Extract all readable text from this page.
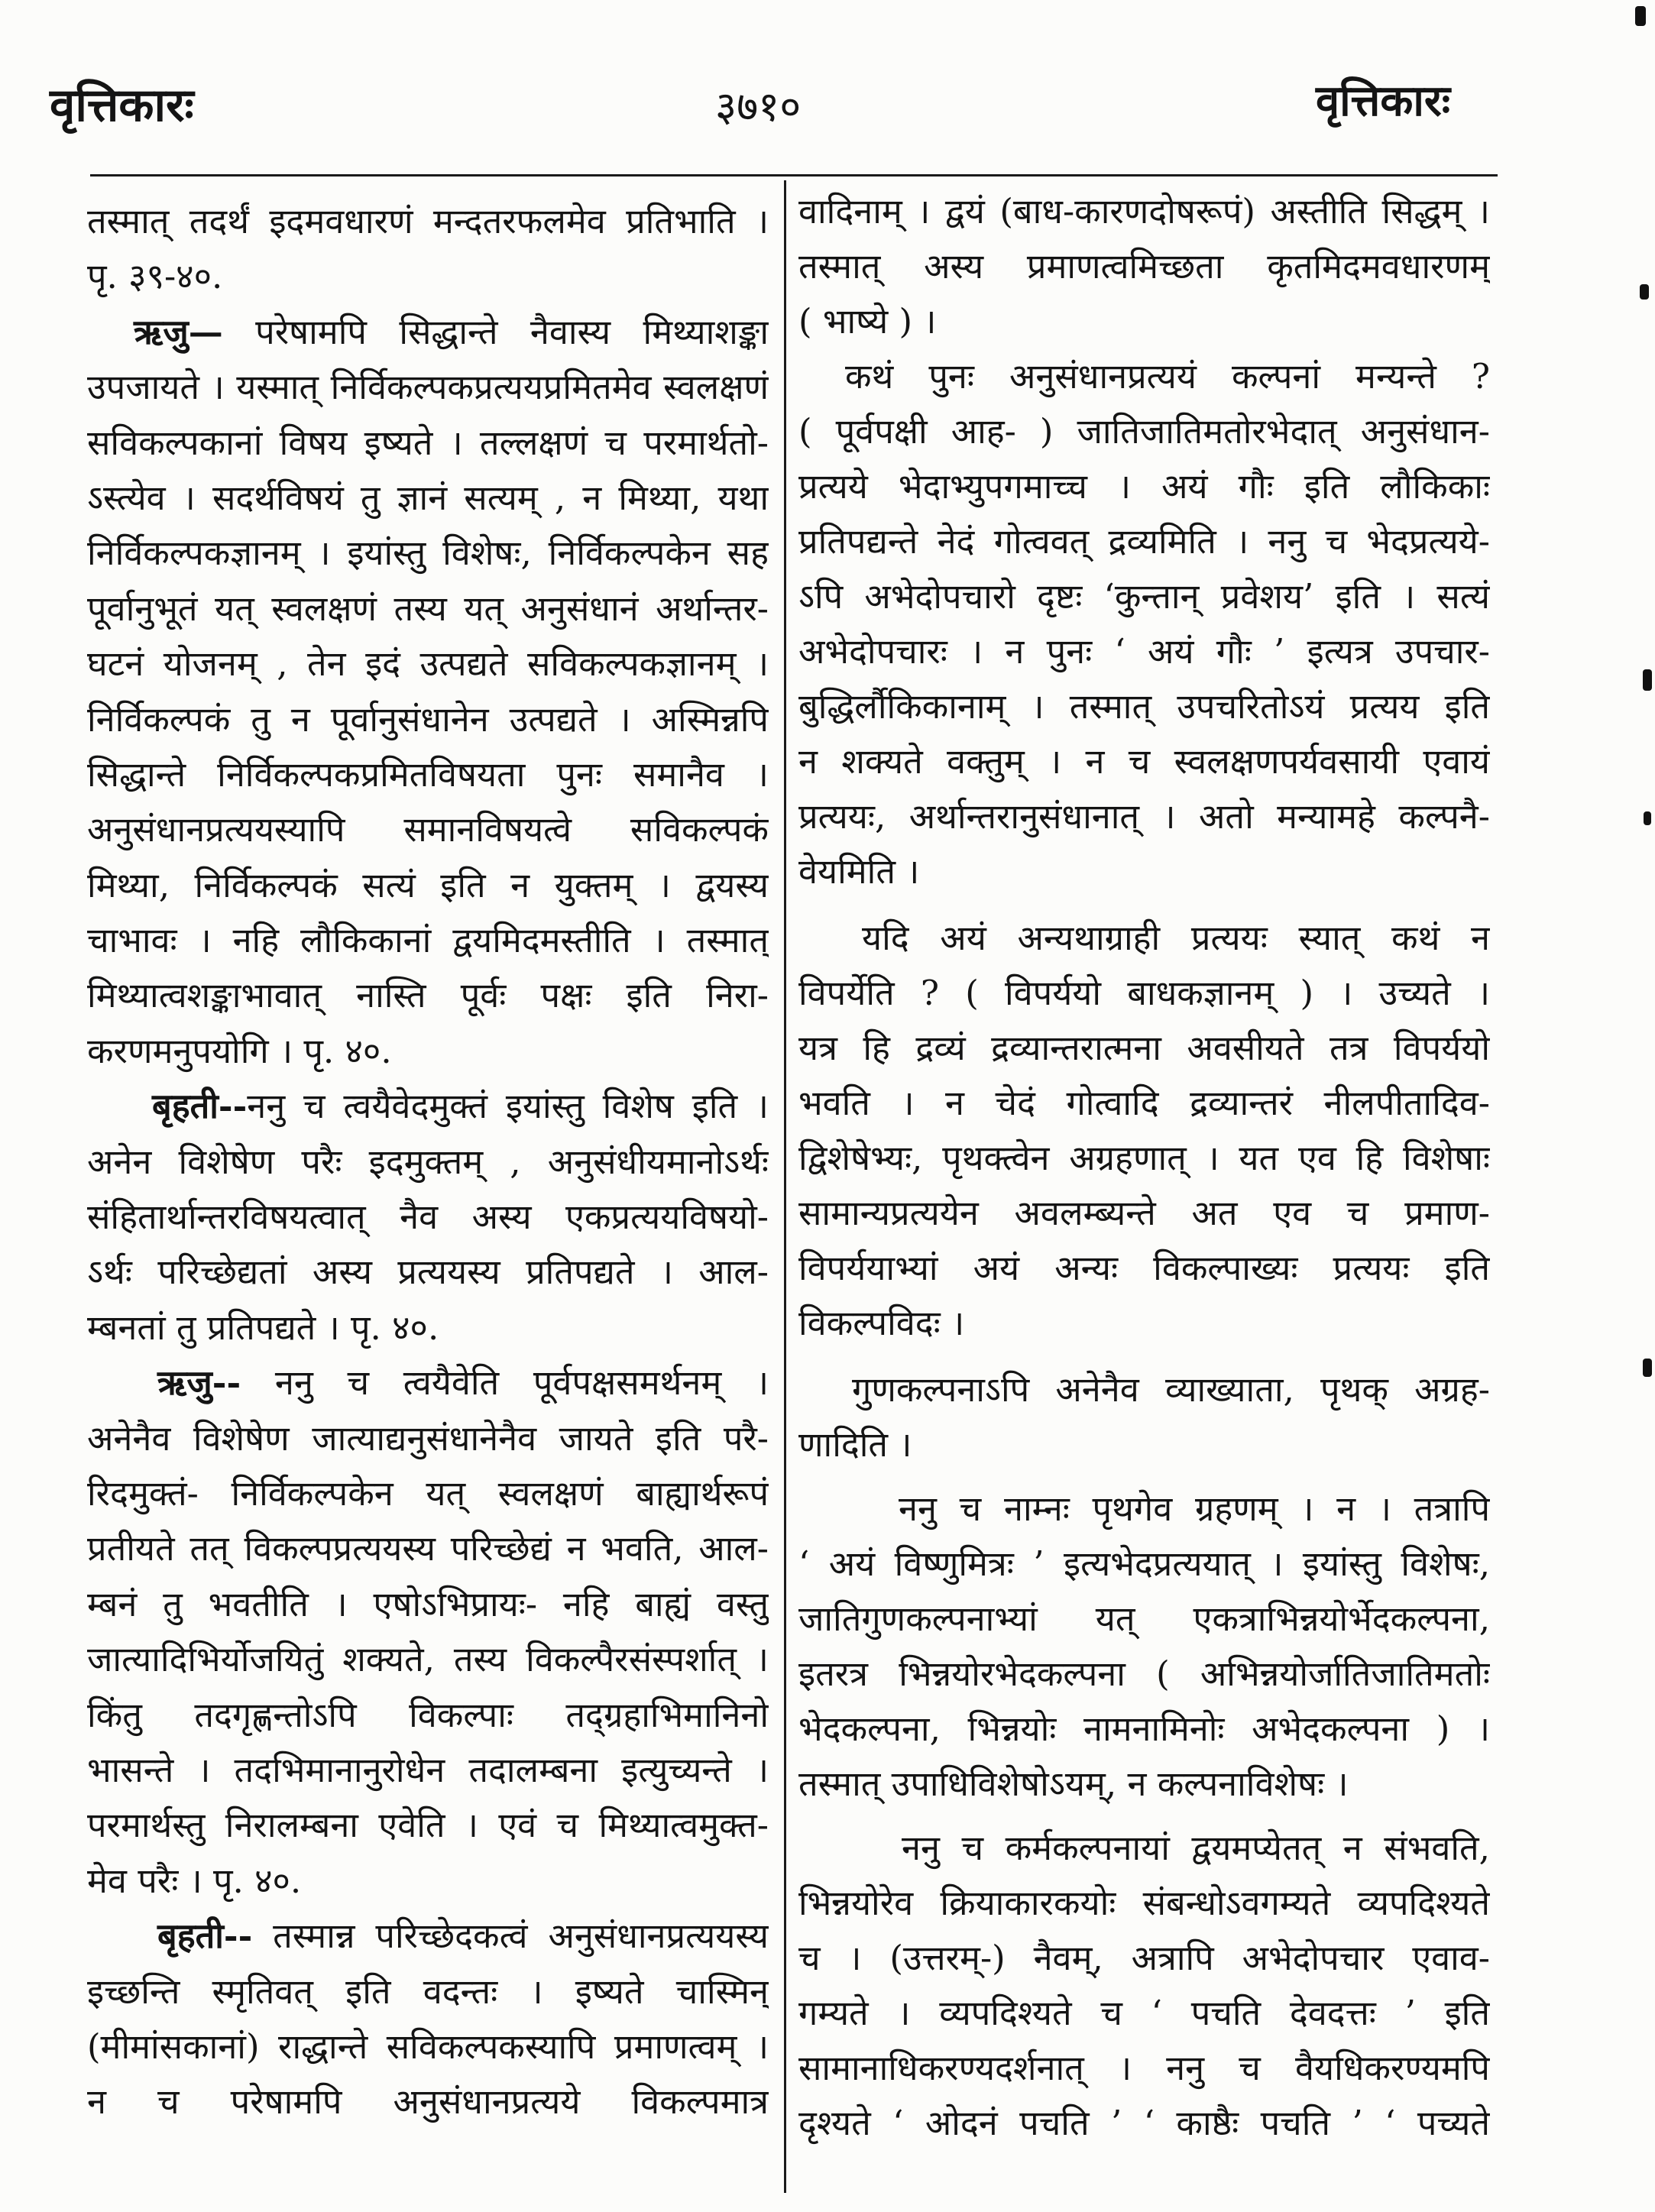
वृत्तिकारः	३७१०	वृत्तिकारः
तस्मात् तदर्थं इदमवधारणं मन्दतरफलमेव प्रतिभाति ।
पृ. ३९-४०.
ऋजु— परेषामपि सिद्धान्ते नैवास्य मिथ्याशङ्का
उपजायते । यस्मात् निर्विकल्पकप्रत्ययप्रमितमेव स्वलक्षणं
सविकल्पकानां विषय इष्यते । तल्लक्षणं च परमार्थतो-
ऽस्त्येव । सदर्थविषयं तु ज्ञानं सत्यम् , न मिथ्या, यथा
निर्विकल्पकज्ञानम् । इयांस्तु विशेषः, निर्विकल्पकेन सह
पूर्वानुभूतं यत् स्वलक्षणं तस्य यत् अनुसंधानं अर्थान्तर-
घटनं योजनम् , तेन इदं उत्पद्यते सविकल्पकज्ञानम् ।
निर्विकल्पकं तु न पूर्वानुसंधानेन उत्पद्यते । अस्मिन्नपि
सिद्धान्ते निर्विकल्पकप्रमितविषयता पुनः समानैव ।
अनुसंधानप्रत्ययस्यापि समानविषयत्वे सविकल्पकं
मिथ्या, निर्विकल्पकं सत्यं इति न युक्तम् । द्वयस्य
चाभावः । नहि लौकिकानां द्वयमिदमस्तीति । तस्मात्
मिथ्यात्वशङ्काभावात् नास्ति पूर्वः पक्षः इति निरा-
करणमनुपयोगि । पृ. ४०.
बृहती--ननु च त्वयैवेदमुक्तं इयांस्तु विशेष इति ।
अनेन विशेषेण परैः इदमुक्तम् , अनुसंधीयमानोऽर्थः
संहितार्थान्तरविषयत्वात् नैव अस्य एकप्रत्ययविषयो-
ऽर्थः परिच्छेद्यतां अस्य प्रत्ययस्य प्रतिपद्यते । आल-
म्बनतां तु प्रतिपद्यते । पृ. ४०.
ऋजु-- ननु च त्वयैवेति पूर्वपक्षसमर्थनम् ।
अनेनैव विशेषेण जात्याद्यनुसंधानेनैव जायते इति परै-
रिदमुक्तं- निर्विकल्पकेन यत् स्वलक्षणं बाह्यार्थरूपं
प्रतीयते तत् विकल्पप्रत्ययस्य परिच्छेद्यं न भवति, आल-
म्बनं तु भवतीति । एषोऽभिप्रायः- नहि बाह्यं वस्तु
जात्यादिभिर्योजयितुं शक्यते, तस्य विकल्पैरसंस्पर्शात् ।
किंतु तदगृह्णन्तोऽपि विकल्पाः तद्ग्रहाभिमानिनो
भासन्ते । तदभिमानानुरोधेन तदालम्बना इत्युच्यन्ते ।
परमार्थस्तु निरालम्बना एवेति । एवं च मिथ्यात्वमुक्त-
मेव परैः । पृ. ४०.
बृहती-- तस्मान्न परिच्छेदकत्वं अनुसंधानप्रत्ययस्य
इच्छन्ति स्मृतिवत् इति वदन्तः । इष्यते चास्मिन्
(मीमांसकानां) राद्धान्ते सविकल्पकस्यापि प्रमाणत्वम् ।
न च परेषामपि अनुसंधानप्रत्यये विकल्पमात्र
वादिनाम् । द्वयं (बाध-कारणदोषरूपं) अस्तीति सिद्धम् ।
तस्मात् अस्य प्रमाणत्वमिच्छता कृतमिदमवधारणम्
( भाष्ये ) ।
कथं पुनः अनुसंधानप्रत्ययं कल्पनां मन्यन्ते ?
( पूर्वपक्षी आह- ) जातिजातिमतोरभेदात् अनुसंधान-
प्रत्यये भेदाभ्युपगमाच्च । अयं गौः इति लौकिकाः
प्रतिपद्यन्ते नेदं गोत्ववत् द्रव्यमिति । ननु च भेदप्रत्यये-
ऽपि अभेदोपचारो दृष्टः ‘कुन्तान् प्रवेशय’ इति । सत्यं
अभेदोपचारः । न पुनः ‘ अयं गौः ’ इत्यत्र उपचार-
बुद्धिर्लौकिकानाम् । तस्मात् उपचरितोऽयं प्रत्यय इति
न शक्यते वक्तुम् । न च स्वलक्षणपर्यवसायी एवायं
प्रत्ययः, अर्थान्तरानुसंधानात् । अतो मन्यामहे कल्पनै-
वेयमिति ।
यदि अयं अन्यथाग्राही प्रत्ययः स्यात् कथं न
विपर्येति ? ( विपर्ययो बाधकज्ञानम् ) । उच्यते ।
यत्र हि द्रव्यं द्रव्यान्तरात्मना अवसीयते तत्र विपर्ययो
भवति । न चेदं गोत्वादि द्रव्यान्तरं नीलपीतादिव-
द्विशेषेभ्यः, पृथक्त्वेन अग्रहणात् । यत एव हि विशेषाः
सामान्यप्रत्ययेन अवलम्ब्यन्ते अत एव च प्रमाण-
विपर्ययाभ्यां अयं अन्यः विकल्पाख्यः प्रत्ययः इति
विकल्पविदः ।
गुणकल्पनाऽपि अनेनैव व्याख्याता, पृथक् अग्रह-
णादिति ।
ननु च नाम्नः पृथगेव ग्रहणम् । न । तत्रापि
‘ अयं विष्णुमित्रः ’ इत्यभेदप्रत्ययात् । इयांस्तु विशेषः,
जातिगुणकल्पनाभ्यां यत् एकत्राभिन्नयोर्भेदकल्पना,
इतरत्र भिन्नयोरभेदकल्पना ( अभिन्नयोर्जातिजातिमतोः
भेदकल्पना, भिन्नयोः नामनामिनोः अभेदकल्पना ) ।
तस्मात् उपाधिविशेषोऽयम्, न कल्पनाविशेषः ।
ननु च कर्मकल्पनायां द्वयमप्येतत् न संभवति,
भिन्नयोरेव क्रियाकारकयोः संबन्धोऽवगम्यते व्यपदिश्यते
च । (उत्तरम्-) नैवम्, अत्रापि अभेदोपचार एवाव-
गम्यते । व्यपदिश्यते च ‘ पचति देवदत्तः ’ इति
सामानाधिकरण्यदर्शनात् । ननु च वैयधिकरण्यमपि
दृश्यते ‘ ओदनं पचति ’ ‘ काष्ठैः पचति ’ ‘ पच्यते
